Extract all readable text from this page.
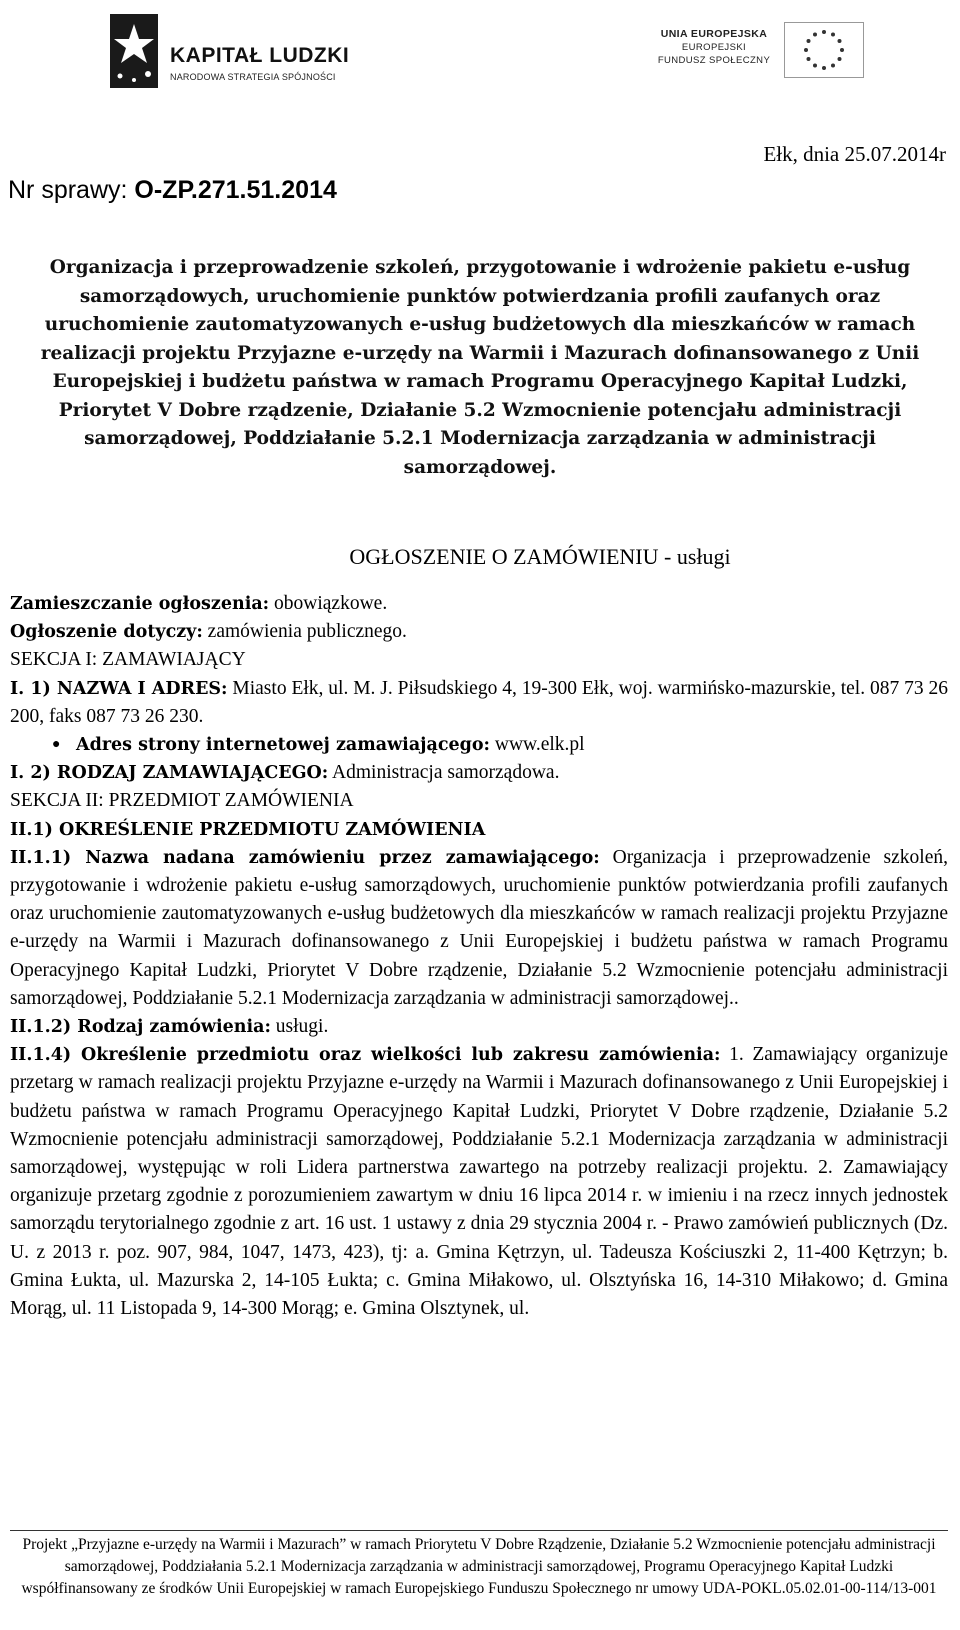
KAPITAŁ LUDZKI
NARODOWA STRATEGIA SPÓJNOŚCI
UNIA EUROPEJSKA
EUROPEJSKI
FUNDUSZ SPOŁECZNY
Ełk, dnia 25.07.2014r
Nr sprawy: O-ZP.271.51.2014
Organizacja i przeprowadzenie szkoleń, przygotowanie i wdrożenie pakietu e-usług samorządowych, uruchomienie punktów potwierdzania profili zaufanych oraz uruchomienie zautomatyzowanych e-usług budżetowych dla mieszkańców w ramach realizacji projektu Przyjazne e-urzędy na Warmii i Mazurach dofinansowanego z Unii Europejskiej i budżetu państwa w ramach Programu Operacyjnego Kapitał Ludzki, Priorytet V Dobre rządzenie, Działanie 5.2 Wzmocnienie potencjału administracji samorządowej, Poddziałanie 5.2.1 Modernizacja zarządzania w administracji samorządowej.
OGŁOSZENIE O ZAMÓWIENIU - usługi

Zamieszczanie ogłoszenia: obowiązkowe.

Ogłoszenie dotyczy: zamówienia publicznego.

SEKCJA I: ZAMAWIAJĄCY

I. 1) NAZWA I ADRES: Miasto Ełk, ul. M. J. Piłsudskiego 4, 19-300 Ełk, woj. warmińsko-mazurskie, tel. 087 73 26 200, faks 087 73 26 230.

● Adres strony internetowej zamawiającego: www.elk.pl

I. 2) RODZAJ ZAMAWIAJĄCEGO: Administracja samorządowa.

SEKCJA II: PRZEDMIOT ZAMÓWIENIA

II.1) OKREŚLENIE PRZEDMIOTU ZAMÓWIENIA

II.1.1) Nazwa nadana zamówieniu przez zamawiającego: Organizacja i przeprowadzenie szkoleń, przygotowanie i wdrożenie pakietu e-usług samorządowych, uruchomienie punktów potwierdzania profili zaufanych oraz uruchomienie zautomatyzowanych e-usług budżetowych dla mieszkańców w ramach realizacji projektu Przyjazne e-urzędy na Warmii i Mazurach dofinansowanego z Unii Europejskiej i budżetu państwa w ramach Programu Operacyjnego Kapitał Ludzki, Priorytet V Dobre rządzenie, Działanie 5.2 Wzmocnienie potencjału administracji samorządowej, Poddziałanie 5.2.1 Modernizacja zarządzania w administracji samorządowej..

II.1.2) Rodzaj zamówienia: usługi.

II.1.4) Określenie przedmiotu oraz wielkości lub zakresu zamówienia: 1. Zamawiający organizuje przetarg w ramach realizacji projektu Przyjazne e-urzędy na Warmii i Mazurach dofinansowanego z Unii Europejskiej i budżetu państwa w ramach Programu Operacyjnego Kapitał Ludzki, Priorytet V Dobre rządzenie, Działanie 5.2 Wzmocnienie potencjału administracji samorządowej, Poddziałanie 5.2.1 Modernizacja zarządzania w administracji samorządowej, występując w roli Lidera partnerstwa zawartego na potrzeby realizacji projektu. 2. Zamawiający organizuje przetarg zgodnie z porozumieniem zawartym w dniu 16 lipca 2014 r. w imieniu i na rzecz innych jednostek samorządu terytorialnego zgodnie z art. 16 ust. 1 ustawy z dnia 29 stycznia 2004 r. - Prawo zamówień publicznych (Dz. U. z 2013 r. poz. 907, 984, 1047, 1473, 423), tj: a. Gmina Kętrzyn, ul. Tadeusza Kościuszki 2, 11-400 Kętrzyn; b. Gmina Łukta, ul. Mazurska 2, 14-105 Łukta; c. Gmina Miłakowo, ul. Olsztyńska 16, 14-310 Miłakowo; d. Gmina Morąg, ul. 11 Listopada 9, 14-300 Morąg; e. Gmina Olsztynek, ul.

Projekt „Przyjazne e-urzędy na Warmii i Mazurach” w ramach Priorytetu V Dobre Rządzenie, Działanie 5.2 Wzmocnienie potencjału administracji samorządowej, Poddziałania 5.2.1 Modernizacja zarządzania w administracji samorządowej, Programu Operacyjnego Kapitał Ludzki współfinansowany ze środków Unii Europejskiej w ramach Europejskiego Funduszu Społecznego nr umowy UDA-POKL.05.02.01-00-114/13-001
